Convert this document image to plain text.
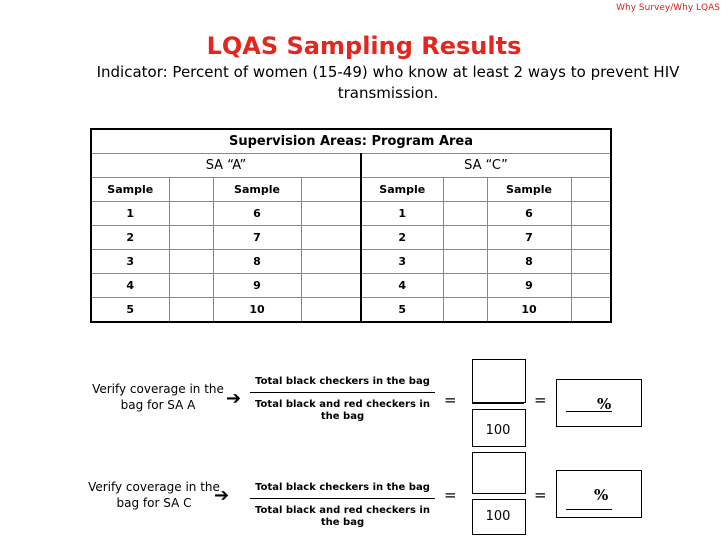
Why Survey/Why LQAS
LQAS Sampling Results
Indicator: Percent of women (15-49) who know at least 2 ways to prevent HIV transmission.
Supervision Areas: Program Area							
SA “A”				SA “C”			
Sample		Sample		Sample		Sample	
1		6		1		6	
2		7		2		7	
3		8		3		8	
4		9		4		9	
5		10		5		10	
Verify coverage in the bag for SA A	➔
Total black checkers in the bag
Total black and red checkers in the bag
=
100
=	%
Verify coverage in the bag for SA C	➔	Total black checkers in the bag
Total black and red checkers in the bag
=
100
=	%
